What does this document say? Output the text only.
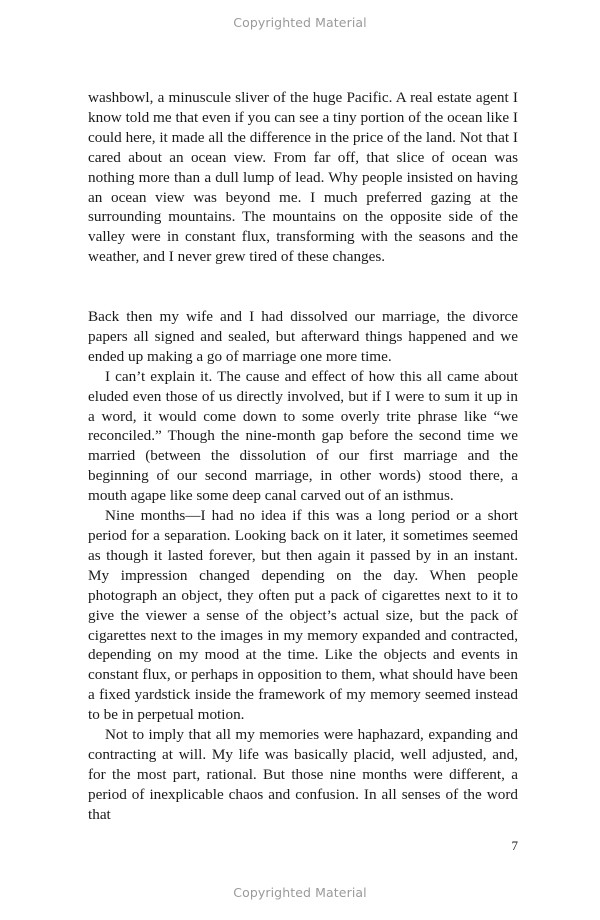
Copyrighted Material

washbowl, a minuscule sliver of the huge Pacific. A real estate agent I know told me that even if you can see a tiny portion of the ocean like I could here, it made all the difference in the price of the land. Not that I cared about an ocean view. From far off, that slice of ocean was nothing more than a dull lump of lead. Why people insisted on having an ocean view was beyond me. I much preferred gazing at the surrounding mountains. The mountains on the opposite side of the valley were in constant flux, transforming with the seasons and the weather, and I never grew tired of these changes.

Back then my wife and I had dissolved our marriage, the divorce papers all signed and sealed, but afterward things happened and we ended up making a go of marriage one more time.

I can’t explain it. The cause and effect of how this all came about eluded even those of us directly involved, but if I were to sum it up in a word, it would come down to some overly trite phrase like “we reconciled.” Though the nine-month gap before the second time we married (between the dissolution of our first marriage and the beginning of our second marriage, in other words) stood there, a mouth agape like some deep canal carved out of an isthmus.

Nine months—I had no idea if this was a long period or a short period for a separation. Looking back on it later, it sometimes seemed as though it lasted forever, but then again it passed by in an instant. My impression changed depending on the day. When people photograph an object, they often put a pack of cigarettes next to it to give the viewer a sense of the object’s actual size, but the pack of cigarettes next to the images in my memory expanded and contracted, depending on my mood at the time. Like the objects and events in constant flux, or perhaps in opposition to them, what should have been a fixed yardstick inside the framework of my memory seemed instead to be in perpetual motion.

Not to imply that all my memories were haphazard, expanding and contracting at will. My life was basically placid, well adjusted, and, for the most part, rational. But those nine months were different, a period of inexplicable chaos and confusion. In all senses of the word that

7
Copyrighted Material
